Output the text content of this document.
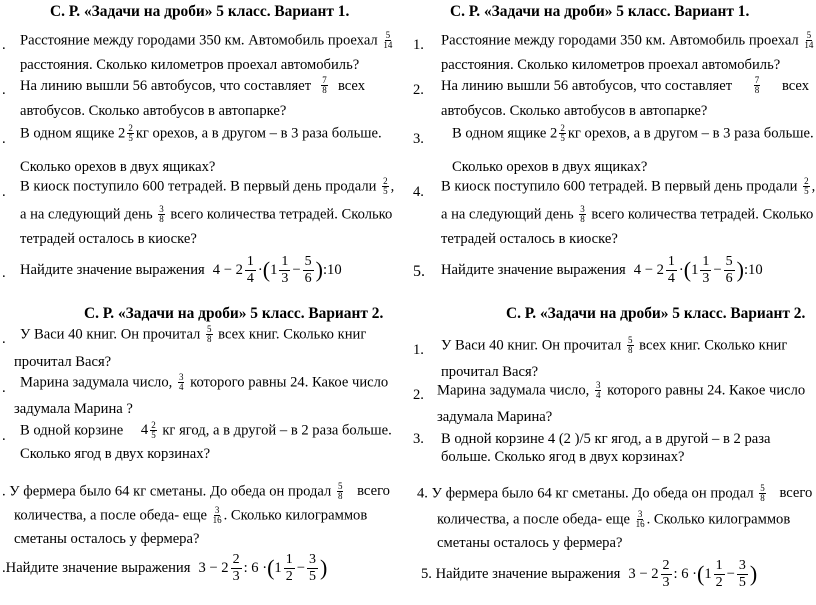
С. Р. «Задачи на дроби» 5 класс. Вариант 1.
. Расстояние между городами 350 км. Автомобиль проехал $\frac{5}{14}$
расстояния. Сколько километров проехал автомобиль?
. На линию вышли 56 автобусов, что составляет $\frac{7}{8}$ всех
автобусов. Сколько автобусов в автопарке?
. В одном ящике $2 \frac{2}{5}$ кг орехов, а в другом – в 3 раза больше.
Сколько орехов в двух ящиках?
. В киоск поступило 600 тетрадей. В первый день продали $\frac{2}{5}$ ,
а на следующий день $\frac{3}{8}$ всего количества тетрадей. Сколько
тетрадей осталось в киоске?
. Найдите значение выражения $4 - 2 \frac{1}{4}$ · ( $1 \frac{1}{3} - \frac{5}{6}$ ) :10
С. Р. «Задачи на дроби» 5 класс. Вариант 1.
1. Расстояние между городами 350 км. Автомобиль проехал $\frac{5}{14}$
расстояния. Сколько километров проехал автомобиль?
2. На линию вышли 56 автобусов, что составляет $\frac{7}{8}$ всех
автобусов. Сколько автобусов в автопарке?
3. В одном ящике $2 \frac{2}{5}$ кг орехов, а в другом – в 3 раза больше.
Сколько орехов в двух ящиках?
4. В киоск поступило 600 тетрадей. В первый день продали $\frac{2}{5}$ ,
а на следующий день $\frac{3}{8}$ всего количества тетрадей. Сколько
тетрадей осталось в киоске?
5. Найдите значение выражения $4 - 2 \frac{1}{4}$ · ( $1 \frac{1}{3} - \frac{5}{6}$ ) :10
С. Р. «Задачи на дроби» 5 класс. Вариант 2.
. У Васи 40 книг. Он прочитал $\frac{5}{8}$ всех книг. Сколько книг
прочитал Вася?
. Марина задумала число, $\frac{3}{4}$ которого равны 24. Какое число
задумала Марина ?
. В одной корзине $4 \frac{2}{5}$ кг ягод, а в другой – в 2 раза больше.
Сколько ягод в двух корзинах?
. У фермера было 64 кг сметаны. До обеда он продал $\frac{5}{8}$ всего
количества, а после обеда- еще $\frac{3}{16}$ . Сколько килограммов
сметаны осталось у фермера?
. Найдите значение выражения $3 - 2 \frac{2}{3}$ : 6 · ( $1 \frac{1}{2} - \frac{3}{5}$ )
С. Р. «Задачи на дроби» 5 класс. Вариант 2.
1. У Васи 40 книг. Он прочитал $\frac{5}{8}$ всех книг. Сколько книг
прочитал Вася?
2. Марина задумала число, $\frac{3}{4}$ которого равны 24. Какое число
задумала Марина?
3. В одной корзине 4 (2 )/5 кг ягод, а в другой – в 2 раза
больше. Сколько ягод в двух корзинах?
4. У фермера было 64 кг сметаны. До обеда он продал $\frac{5}{8}$ всего
количества, а после обеда- еще $\frac{3}{16}$ . Сколько килограммов
сметаны осталось у фермера?
5.
Найдите значение выражения $3 - 2 \frac{2}{3}$ : 6 · ( $1 \frac{1}{2} - \frac{3}{5}$ )
